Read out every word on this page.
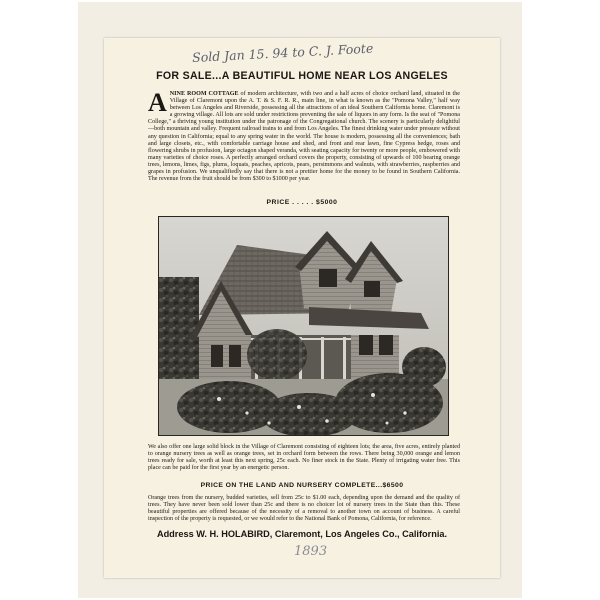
Sold Jan 15. 94 to C. J. Foote
FOR SALE...A BEAUTIFUL HOME NEAR LOS ANGELES
ANINE ROOM COTTAGE of modern architecture, with two and a half acres of choice orchard land, situated in the Village of Claremont upon the A. T. & S. F. R. R., main line, in what is known as the "Pomona Valley," half way between Los Angeles and Riverside, possessing all the attractions of an ideal Southern California home. Claremont is a growing village. All lots are sold under restrictions preventing the sale of liquors in any form. Is the seat of "Pomona College," a thriving young institution under the patronage of the Congregational church. The scenery is particularly delightful—both mountain and valley. Frequent railroad trains to and from Los Angeles. The finest drinking water under pressure without any question in California; equal to any spring water in the world. The house is modern, possessing all the conveniences; bath and large closets, etc., with comfortable carriage house and shed, and front and rear lawn, fine Cypress hedge, roses and flowering shrubs in profusion, large octagon shaped veranda, with seating capacity for twenty or more people, embowered with many varieties of choice roses. A perfectly arranged orchard covers the property, consisting of upwards of 100 bearing orange trees, lemons, limes, figs, plums, loquats, peaches, apricots, pears, persimmons and walnuts, with strawberries, raspberries and grapes in profusion. We unqualifiedly say that there is not a prettier home for the money to be found in Southern California. The revenue from the fruit should be from $300 to $1000 per year.
PRICE . . . . . $5000
We also offer one large solid block in the Village of Claremont consisting of eighteen lots; the area, five acres, entirely planted to orange nursery trees as well as orange trees, set in orchard form between the rows. There being 30,000 orange and lemon trees ready for sale, worth at least this next spring, 25c each. No finer stock in the State. Plenty of irrigating water free. This place can be paid for the first year by an energetic person.
PRICE ON THE LAND AND NURSERY COMPLETE...$6500
Orange trees from the nursery, budded varieties, sell from 25c to $1.00 each, depending upon the demand and the quality of trees. They have never been sold lower than 25c and there is no choicer lot of nursery trees in the State than this. These beautiful properties are offered because of the necessity of a removal to another town on account of business. A careful inspection of the property is requested, or we would refer to the National Bank of Pomona, California, for reference.
Address W. H. HOLABIRD, Claremont, Los Angeles Co., California.
1893
